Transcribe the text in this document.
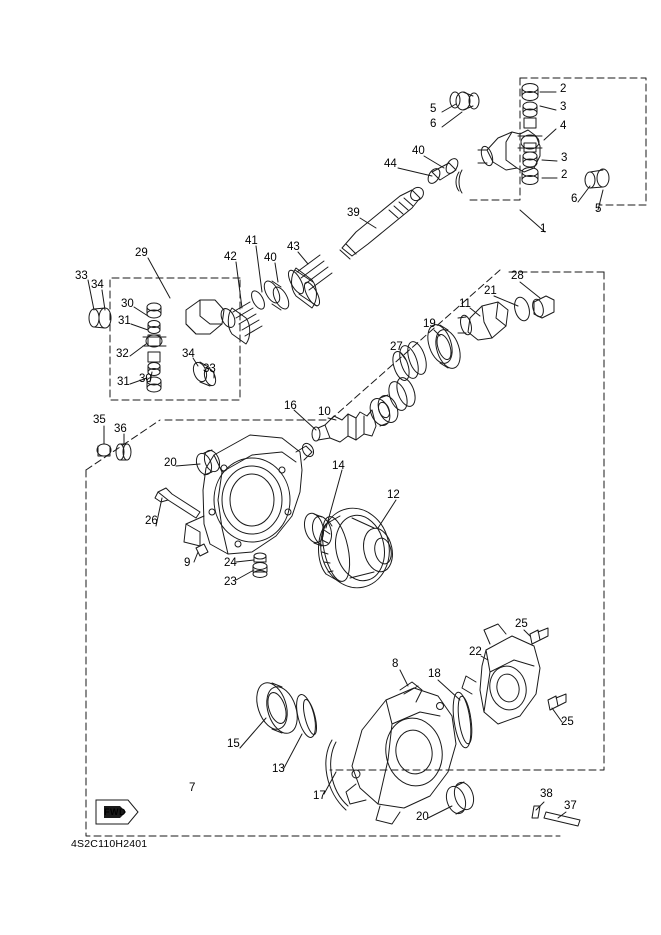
1
2
3
4
3
2
5
6
6
5
44
40
39
43
40
41
42
29
33
34
30
31
32
31 30
34
33
28
21
11
19
27
10
16
14
12
35
36
20
26
9	24
23
25
22
25
8
18
15
13
17
7
20
38
37
FWD
4S2C110H2401
